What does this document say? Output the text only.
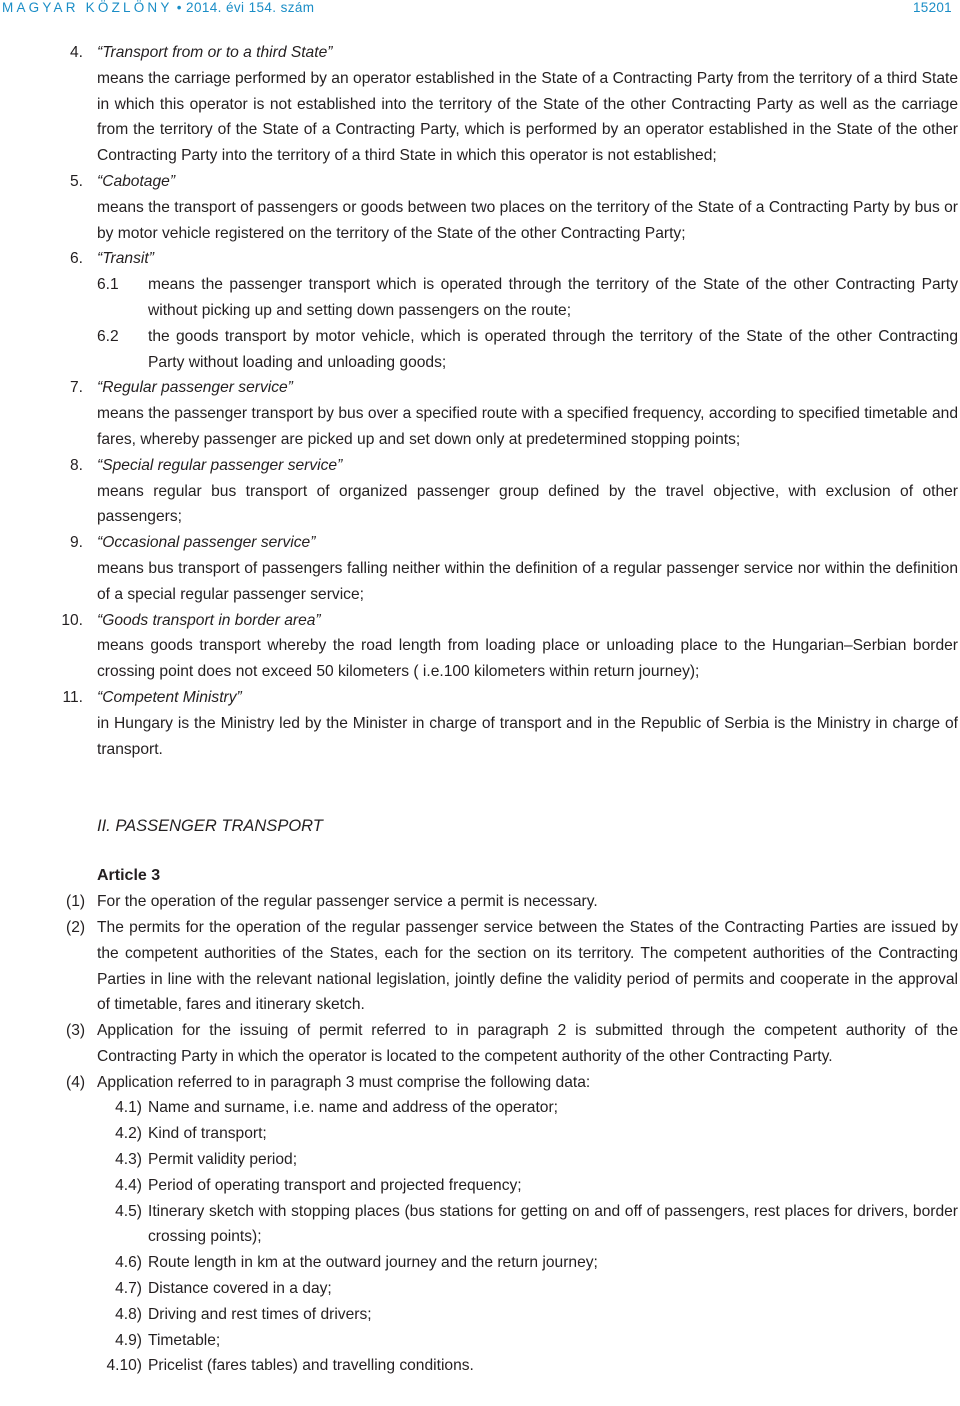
MAGYAR KÖZLÖNY • 2014. évi 154. szám	15201
4. “Transport from or to a third State”
means the carriage performed by an operator established in the State of a Contracting Party from the territory of a third State in which this operator is not established into the territory of the State of the other Contracting Party as well as the carriage from the territory of the State of a Contracting Party, which is performed by an operator established in the State of the other Contracting Party into the territory of a third State in which this operator is not established;
5. “Cabotage”
means the transport of passengers or goods between two places on the territory of the State of a Contracting Party by bus or by motor vehicle registered on the territory of the State of the other Contracting Party;
6. “Transit”
6.1 means the passenger transport which is operated through the territory of the State of the other Contracting Party without picking up and setting down passengers on the route;
6.2 the goods transport by motor vehicle, which is operated through the territory of the State of the other Contracting Party without loading and unloading goods;
7. “Regular passenger service”
means the passenger transport by bus over a specified route with a specified frequency, according to specified timetable and fares, whereby passenger are picked up and set down only at predetermined stopping points;
8. “Special regular passenger service”
means regular bus transport of organized passenger group defined by the travel objective, with exclusion of other passengers;
9. “Occasional passenger service”
means bus transport of passengers falling neither within the definition of a regular passenger service nor within the definition of a special regular passenger service;
10. “Goods transport in border area”
means goods transport whereby the road length from loading place or unloading place to the Hungarian–Serbian border crossing point does not exceed 50 kilometers ( i.e.100 kilometers within return journey);
11. “Competent Ministry”
in Hungary is the Ministry led by the Minister in charge of transport and in the Republic of Serbia is the Ministry in charge of transport.
II. PASSENGER TRANSPORT
Article 3
(1) For the operation of the regular passenger service a permit is necessary.
(2) The permits for the operation of the regular passenger service between the States of the Contracting Parties are issued by the competent authorities of the States, each for the section on its territory. The competent authorities of the Contracting Parties in line with the relevant national legislation, jointly define the validity period of permits and cooperate in the approval of timetable, fares and itinerary sketch.
(3) Application for the issuing of permit referred to in paragraph 2 is submitted through the competent authority of the Contracting Party in which the operator is located to the competent authority of the other Contracting Party.
(4) Application referred to in paragraph 3 must comprise the following data:
4.1) Name and surname, i.e. name and address of the operator;
4.2) Kind of transport;
4.3) Permit validity period;
4.4) Period of operating transport and projected frequency;
4.5) Itinerary sketch with stopping places (bus stations for getting on and off of passengers, rest places for drivers, border crossing points);
4.6) Route length in km at the outward journey and the return journey;
4.7) Distance covered in a day;
4.8) Driving and rest times of drivers;
4.9) Timetable;
4.10) Pricelist (fares tables) and travelling conditions.
